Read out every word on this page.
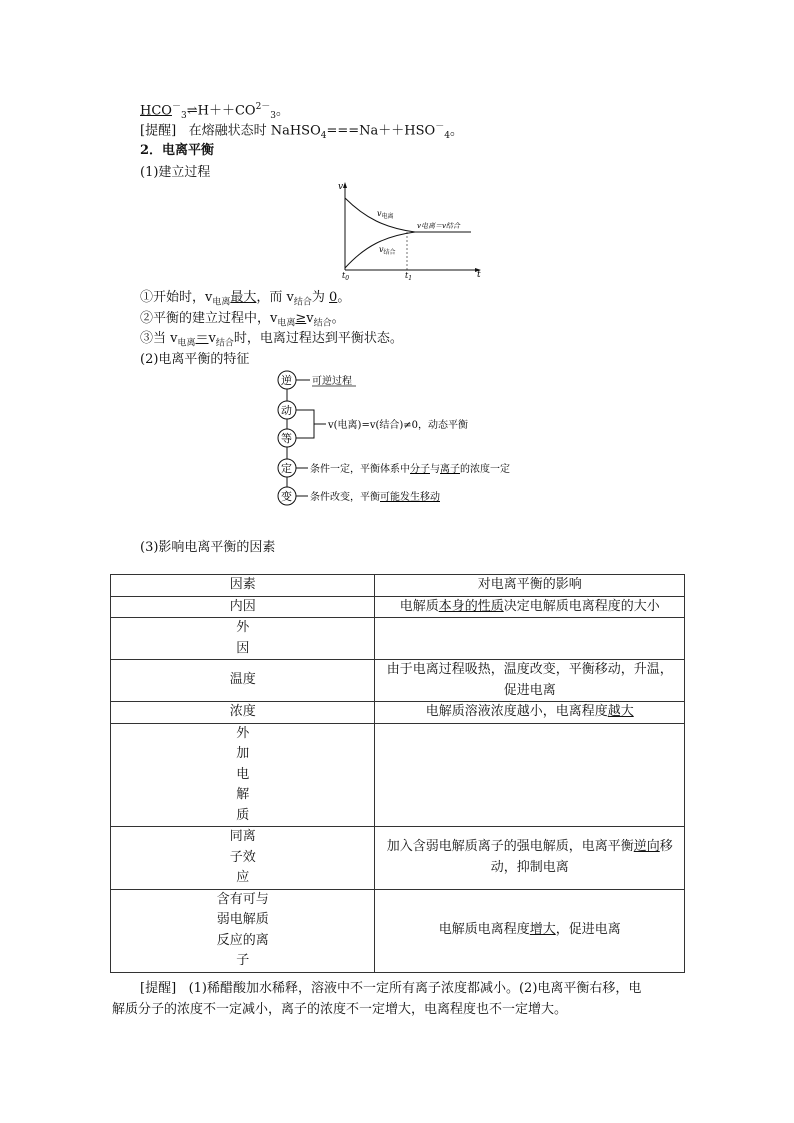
$HCO^-_3\rightleftharpoons H++CO^{2-}_3$。
[提醒] 在熔融状态时 $NaHSO_4===Na++HSO^-_4$。
2．电离平衡
(1)建立过程
v
t
$t_0$	$t_1$
$v_{电离}$
$v_{结合}$
v电离＝v结合
①开始时，$v_{电离}$最大，而 $v_{结合}$为 0。
②平衡的建立过程中，$v_{电离}\ge v_{结合}$。
③当 $v_{电离}=v_{结合}$时，电离过程达到平衡状态。
(2)电离平衡的特征
逆 可逆过程
动
等
v(电离)=v(结合)≠0，动态平衡
定 条件一定，平衡体系中分子与离子的浓度一定
变 条件改变，平衡可能发生移动
(3)影响电离平衡的因素
因素	对电离平衡的影响
内因	电解质本身的性质决定电解质电离程度的大小

外
因	

温度	由于电离过程吸热，温度改变，平衡移动，升温，
促进电离

浓度	电解质溶液浓度越小，电离程度越大

外
加
电
解
质	

同离
子效
应	加入含弱电解质离子的强电解质，电离平衡逆向移动，抑制电离

含有可与
弱电解质
反应的离
子	电解质电离程度增大，促进电离
[提醒] (1)稀醋酸加水稀释，溶液中不一定所有离子浓度都减小。(2)电离平衡右移，电
解质分子的浓度不一定减小，离子的浓度不一定增大，电离程度也不一定增大。
